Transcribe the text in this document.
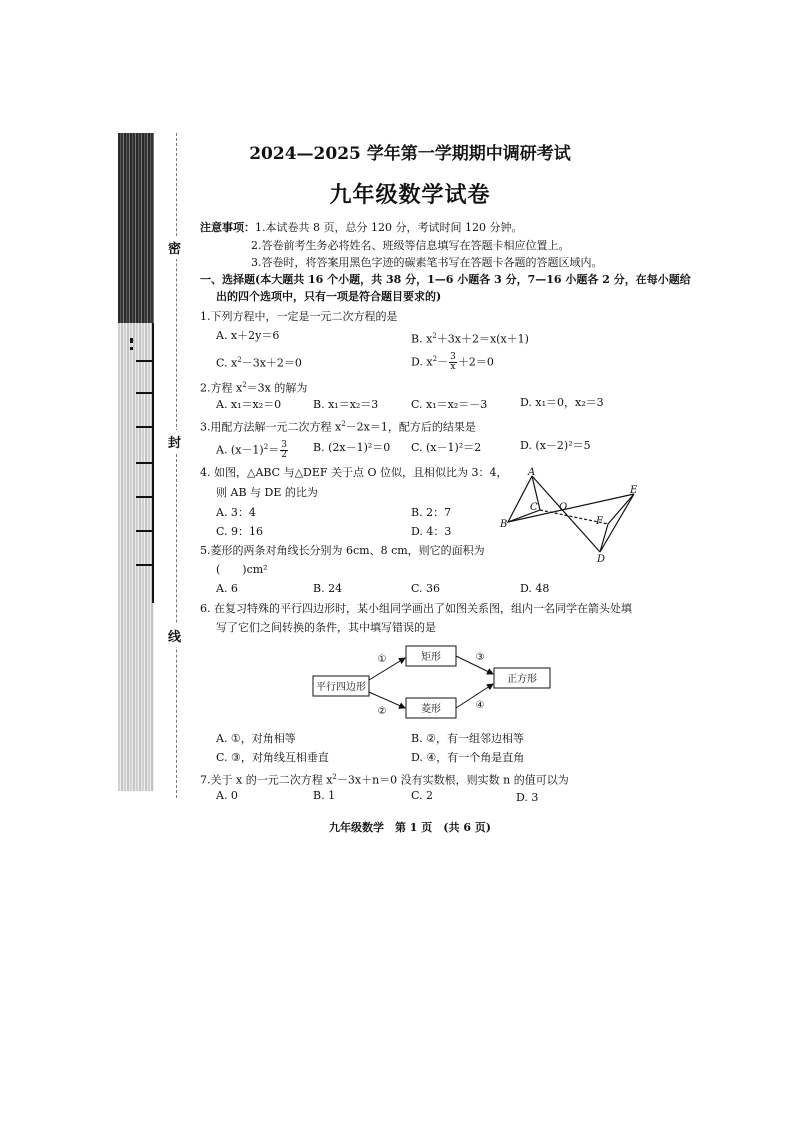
密
封
线
2024—2025 学年第一学期期中调研考试
九年级数学试卷
注意事项：1.本试卷共 8 页，总分 120 分，考试时间 120 分钟。
2.答卷前考生务必将姓名、班级等信息填写在答题卡相应位置上。
3.答卷时，将答案用黑色字迹的碳素笔书写在答题卡各题的答题区域内。
一、选择题(本大题共 16 个小题，共 38 分，1—6 小题各 3 分，7—16 小题各 2 分，在每小题给
出的四个选项中，只有一项是符合题目要求的)
1.下列方程中，一定是一元二次方程的是
A. x＋2y＝6	B. $x^2+3x+2=x(x+1)$
C. $x^2-3x+2=0$	D. $x^2- \frac{3}{x} +2=0$
2.方程 $x^2=3x$ 的解为
A. x₁＝x₂＝0	B. x₁＝x₂＝3	C. x₁＝x₂＝－3	D. x₁＝0，x₂＝3
3.用配方法解一元二次方程 $x^2-2x=1$，配方后的结果是
A. $(x-1)^2= \frac{3}{2} B$. (2x－1)²＝0 C. (x－1)²＝2	D. (x－2)²＝5
4. 如图，△ABC 与△DEF 关于点 O 位似，且相似比为 3：4，
则 AB 与 DE 的比为
A. 3：4	B. 2：7
C. 9：16	D. 4：3
A
B
C O
D
E
F
5.菱形的两条对角线长分别为 6cm、8 cm，则它的面积为
(　　)cm²
A. 6	B. 24	C. 36	D. 48
6. 在复习特殊的平行四边形时，某小组同学画出了如图关系图，组内一名同学在箭头处填
写了它们之间转换的条件，其中填写错误的是
平行四边形
矩形
菱形
正方形
①
②
③
④
A. ①，对角相等	B. ②，有一组邻边相等
C. ③，对角线互相垂直	D. ④，有一个角是直角
7.关于 x 的一元二次方程 $x^2-3x+n=0$ 没有实数根，则实数 n 的值可以为
A. 0	B. 1	C. 2	D. 3
九年级数学　第 1 页　(共 6 页)
